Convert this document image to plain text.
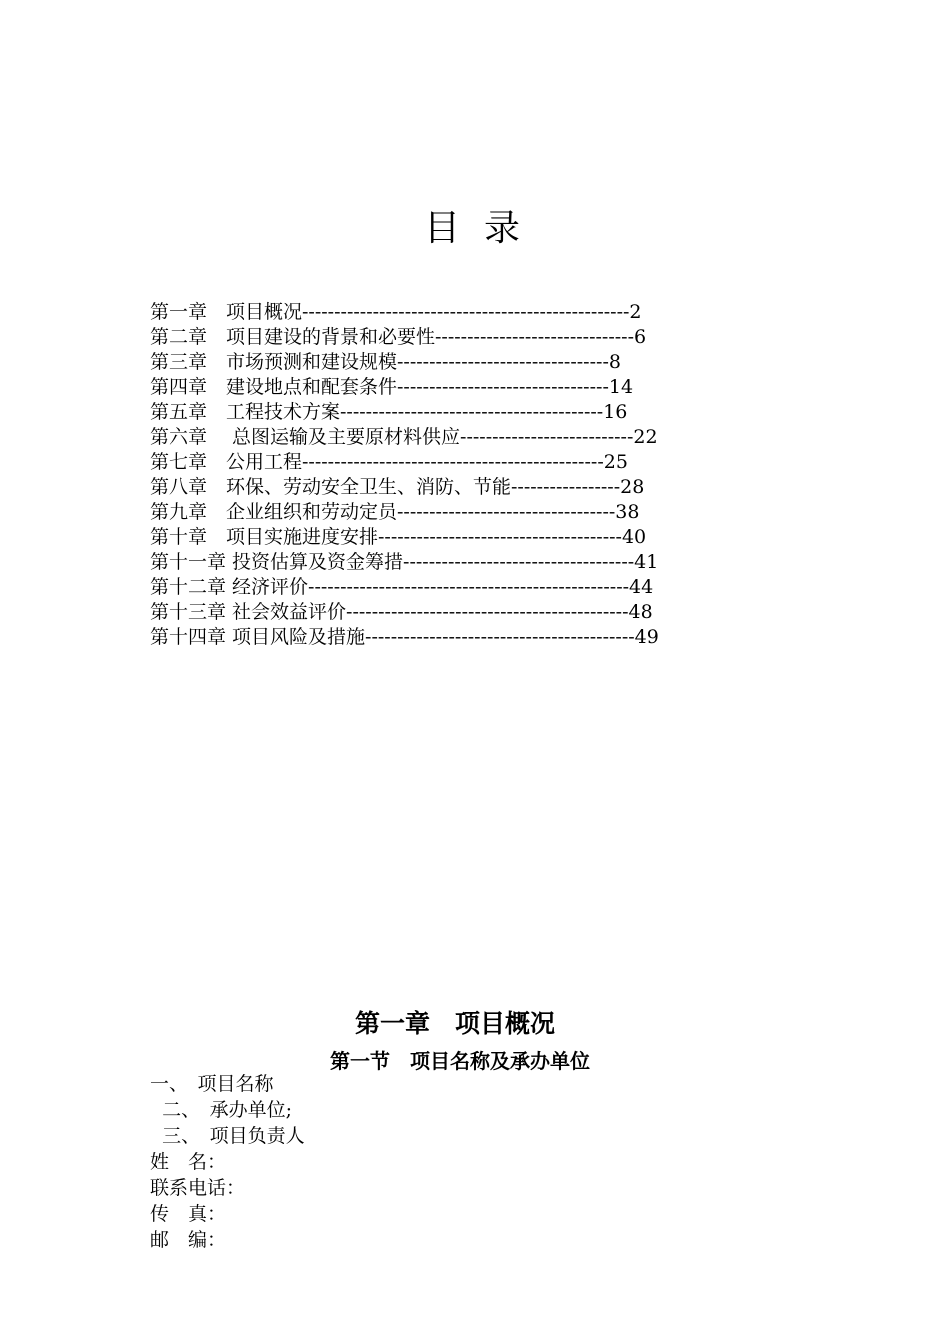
目录
第一章　项目概况---------------------------------------------------2
第二章　项目建设的背景和必要性-------------------------------6
第三章　市场预测和建设规模---------------------------------8
第四章　建设地点和配套条件---------------------------------14
第五章　工程技术方案-----------------------------------------16
第六章　 总图运输及主要原材料供应---------------------------22
第七章　公用工程-----------------------------------------------25
第八章　环保、劳动安全卫生、消防、节能-----------------28
第九章　企业组织和劳动定员----------------------------------38
第十章　项目实施进度安排--------------------------------------40
第十一章 投资估算及资金筹措------------------------------------41
第十二章 经济评价--------------------------------------------------44
第十三章 社会效益评价--------------------------------------------48
第十四章 项目风险及措施------------------------------------------49
第一章　项目概况
第一节　项目名称及承办单位
一、　项目名称
二、　承办单位;
三、　项目负责人
姓　名：
联系电话：
传　真：
邮　编：
